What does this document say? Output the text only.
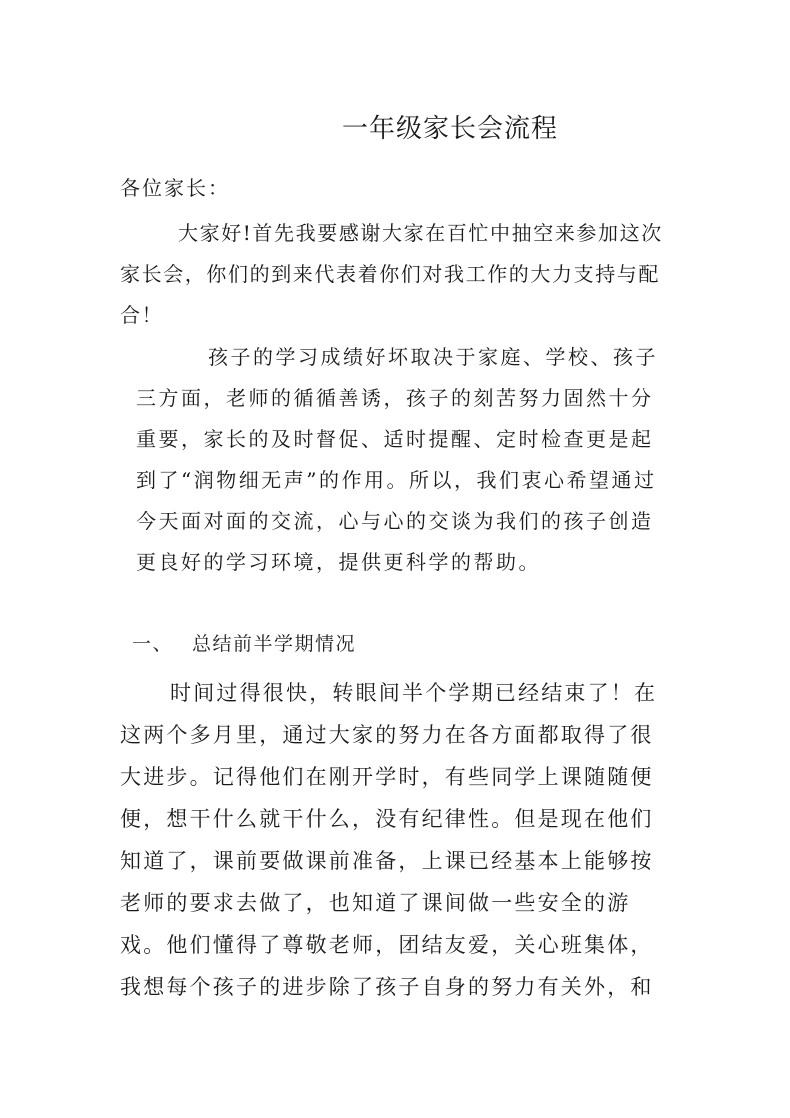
一年级家长会流程
各位家长：

大家好!首先我要感谢大家在百忙中抽空来参加这次家长会，你们的到来代表着你们对我工作的大力支持与配合！

孩子的学习成绩好坏取决于家庭、学校、孩子三方面，老师的循循善诱，孩子的刻苦努力固然十分重要，家长的及时督促、适时提醒、定时检查更是起到了“润物细无声”的作用。所以，我们衷心希望通过今天面对面的交流，心与心的交谈为我们的孩子创造更良好的学习环境，提供更科学的帮助。

一、 总结前半学期情况

时间过得很快，转眼间半个学期已经结束了！在这两个多月里，通过大家的努力在各方面都取得了很大进步。记得他们在刚开学时，有些同学上课随随便便，想干什么就干什么，没有纪律性。但是现在他们知道了，课前要做课前准备，上课已经基本上能够按老师的要求去做了，也知道了课间做一些安全的游戏。他们懂得了尊敬老师，团结友爱，关心班集体，我想每个孩子的进步除了孩子自身的努力有关外，和
